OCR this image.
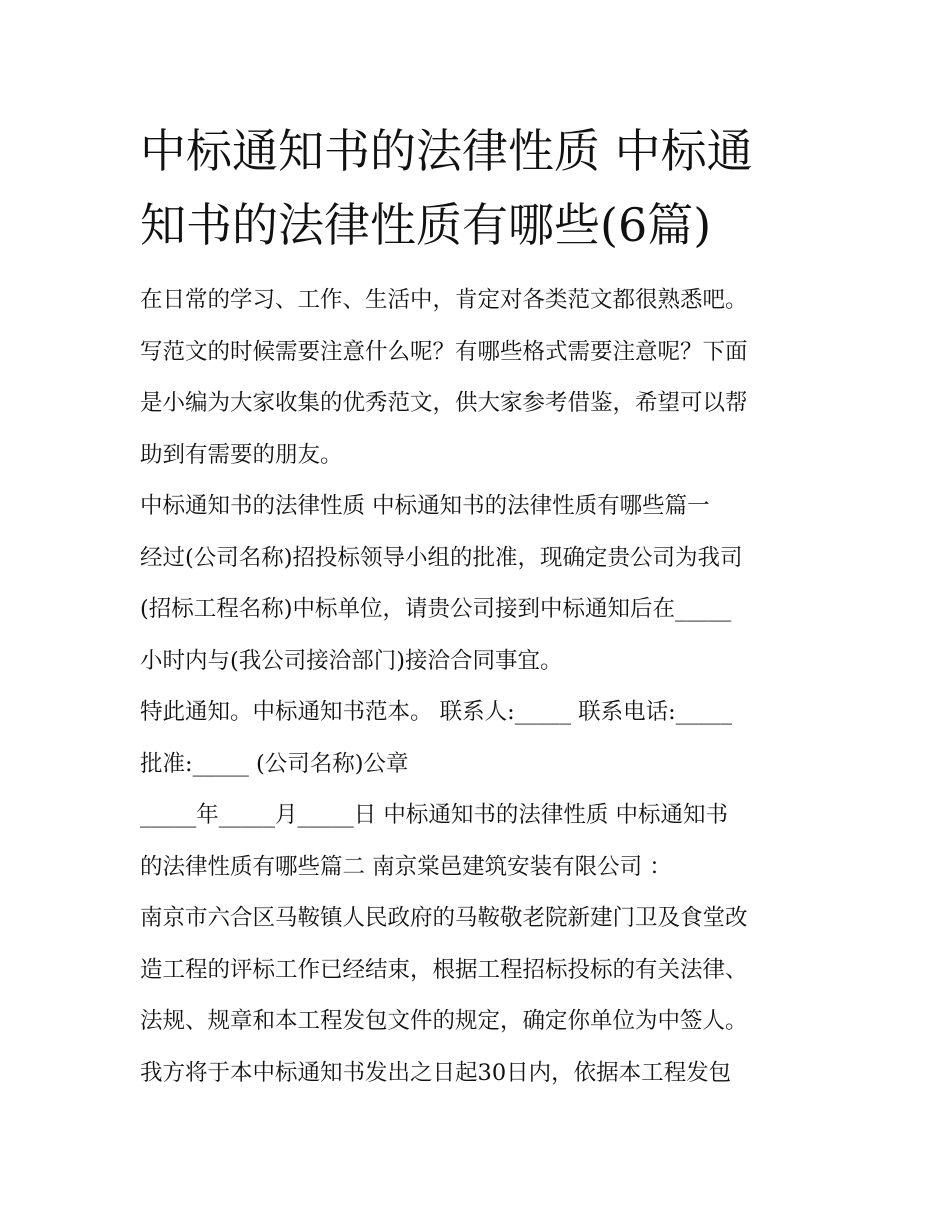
中标通知书的法律性质 中标通
知书的法律性质有哪些(6篇)
在日常的学习、工作、生活中，肯定对各类范文都很熟悉吧。
写范文的时候需要注意什么呢？有哪些格式需要注意呢？下面
是小编为大家收集的优秀范文，供大家参考借鉴，希望可以帮
助到有需要的朋友。
中标通知书的法律性质 中标通知书的法律性质有哪些篇一
经过(公司名称)招投标领导小组的批准，现确定贵公司为我司
(招标工程名称)中标单位，请贵公司接到中标通知后在_____
小时内与(我公司接洽部门)接洽合同事宜。
特此通知。中标通知书范本。 联系人:_____ 联系电话:_____
批准:_____ (公司名称)公章
_____年_____月_____日 中标通知书的法律性质 中标通知书
的法律性质有哪些篇二 南京棠邑建筑安装有限公司 ：
南京市六合区马鞍镇人民政府的马鞍敬老院新建门卫及食堂改
造工程的评标工作已经结束，根据工程招标投标的有关法律、
法规、规章和本工程发包文件的规定，确定你单位为中签人。
我方将于本中标通知书发出之日起30日内，依据本工程发包
